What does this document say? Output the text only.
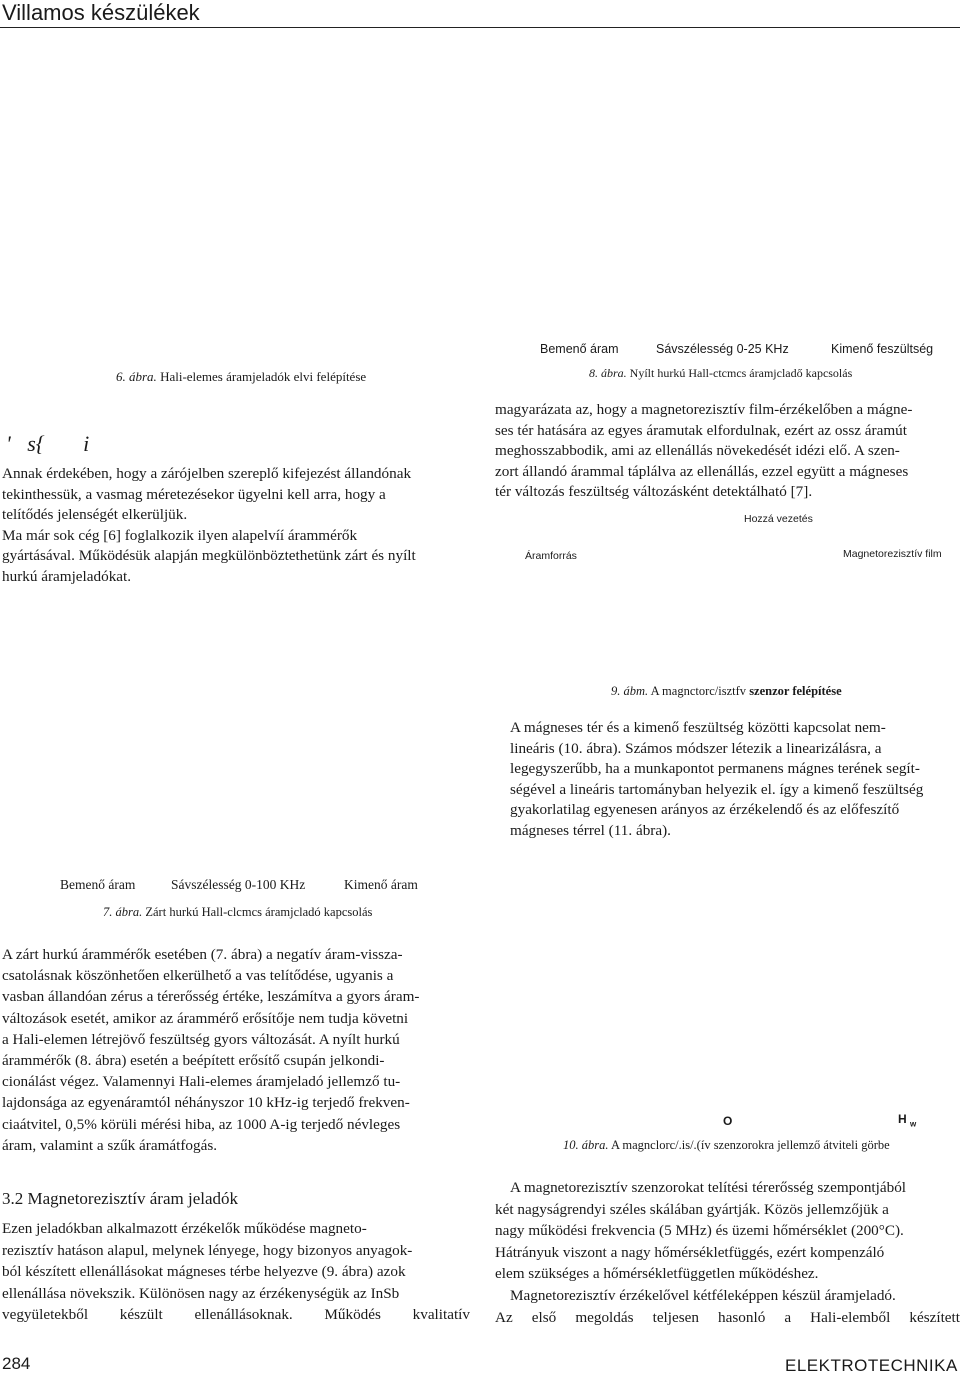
Villamos készülékek
6. ábra. Hali-elemes áramjeladók elvi felépítése
'   s{       i

Annak érdekében, hogy a zárójelben szereplő kifejezést állandónak

tekinthessük, a vasmag méretezésekor ügyelni kell arra, hogy a

telítődés jelenségét elkerüljük.

Ma már sok cég [6] foglalkozik ilyen alapelvíí árammérők

gyártásával. Működésük alapján megkülönböztethetünk zárt és nyílt

hurkú áramjeladókat.

Bemenő áram	Sávszélesség 0-25 KHz	Kimenő feszültség
8. ábra. Nyílt hurkú Hall-ctcmcs áramjcladő kapcsolás

magyarázata az, hogy a magnetorezisztív film-érzékelőben a mágne-

ses tér hatására az egyes áramutak elfordulnak, ezért az ossz áramút

meghosszabbodik, ami az ellenállás növekedését idézi elő. A szen-

zort állandó árammal táplálva az ellenállás, ezzel együtt a mágneses

tér változás feszültség változásként detektálható [7].

Hozzá vezetés
Áramforrás	Magnetorezisztív film
9. ábm. A magnctorc/isztfv szenzor felépítése

A mágneses tér és a kimenő feszültség közötti kapcsolat nem-

lineáris (10. ábra). Számos módszer létezik a linearizálásra, a

legegyszerűbb, ha a munkapontot permanens mágnes terének segít-

ségével a lineáris tartományban helyezik el. így a kimenő feszültség

gyakorlatilag egyenesen arányos az érzékelendő és az előfeszítő

mágneses térrel (11. ábra).

Bemenő áram	Sávszélesség 0-100 KHz	Kimenő áram
7. ábra. Zárt hurkú Hall-clcmcs áramjcladó kapcsolás

A zárt hurkú árammérők esetében (7. ábra) a negatív áram-vissza-

csatolásnak köszönhetően elkerülhető a vas telítődése, ugyanis a

vasban állandóan zérus a térerősség értéke, leszámítva a gyors áram-

változások esetét, amikor az árammérő erősítője nem tudja követni

a Hali-elemen létrejövő feszültség gyors változását. A nyílt hurkú

árammérők (8. ábra) esetén a beépített erősítő csupán jelkondi-

cionálást végez. Valamennyi Hali-elemes áramjeladó jellemző tu-

lajdonsága az egyenáramtól néhányszor 10 kHz-ig terjedő frekven-

ciaátvitel, 0,5% körüli mérési hiba, az 1000 A-ig terjedő névleges

áram, valamint a szűk áramátfogás.

O	H $_w$
10. ábra. A magnclorc/.is/.(ív szenzorokra jellemző átviteli görbe
3.2 Magnetorezisztív áram jeladók

Ezen jeladókban alkalmazott érzékelők működése magneto-

rezisztív hatáson alapul, melynek lényege, hogy bizonyos anyagok-

ból készített ellenállásokat mágneses térbe helyezve (9. ábra) azok

ellenállása növekszik. Különösen nagy az érzékenységük az InSb

vegyületekből készült ellenállásoknak. Működés kvalitatív

A magnetorezisztív szenzorokat telítési térerősség szempontjából

két nagyságrendyi széles skálában gyártják. Közös jellemzőjük a

nagy működési frekvencia (5 MHz) és üzemi hőmérséklet (200°C).

Hátrányuk viszont a nagy hőmérsékletfüggés, ezért kompenzáló

elem szükséges a hőmérsékletfüggetlen működéshez.

Magnetorezisztív érzékelővel kétféleképpen készül áramjeladó.

Az első megoldás teljesen hasonló a Hali-elemből készített

284	ELEKTROTECHNIKA
